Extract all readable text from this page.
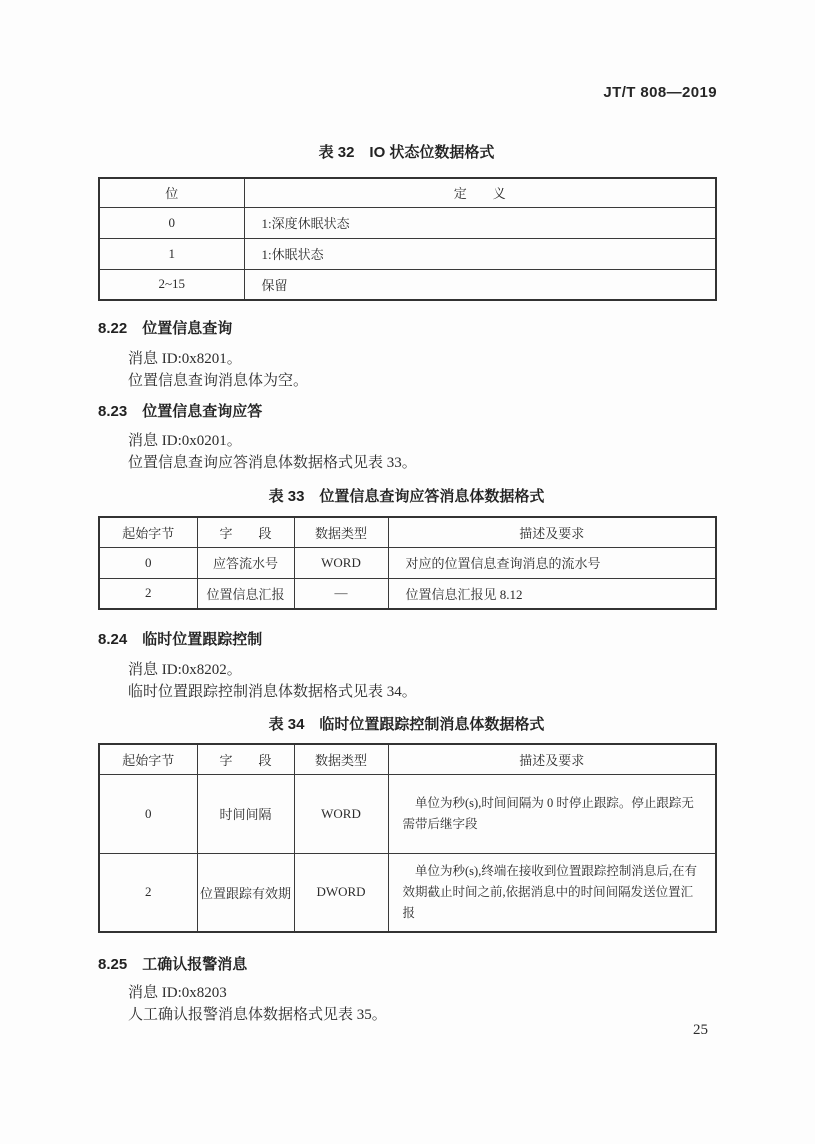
JT/T 808—2019
表 32　IO 状态位数据格式
位	定　　义
0	1:深度休眠状态
1	1:休眠状态
2~15	保留
8.22　位置信息查询
消息 ID:0x8201。
位置信息查询消息体为空。
8.23　位置信息查询应答
消息 ID:0x0201。
位置信息查询应答消息体数据格式见表 33。
表 33　位置信息查询应答消息体数据格式
起始字节	字　　段	数据类型	描述及要求
0	应答流水号	WORD	对应的位置信息查询消息的流水号
2	位置信息汇报	—	位置信息汇报见 8.12
8.24　临时位置跟踪控制
消息 ID:0x8202。
临时位置跟踪控制消息体数据格式见表 34。
表 34　临时位置跟踪控制消息体数据格式
起始字节	字　　段	数据类型	描述及要求
0	时间间隔	WORD	单位为秒(s),时间间隔为 0 时停止跟踪。停止跟踪无需带后继字段
2	位置跟踪有效期	DWORD	单位为秒(s),终端在接收到位置跟踪控制消息后,在有效期截止时间之前,依据消息中的时间间隔发送位置汇报
8.25　工确认报警消息
消息 ID:0x8203
人工确认报警消息体数据格式见表 35。
25
